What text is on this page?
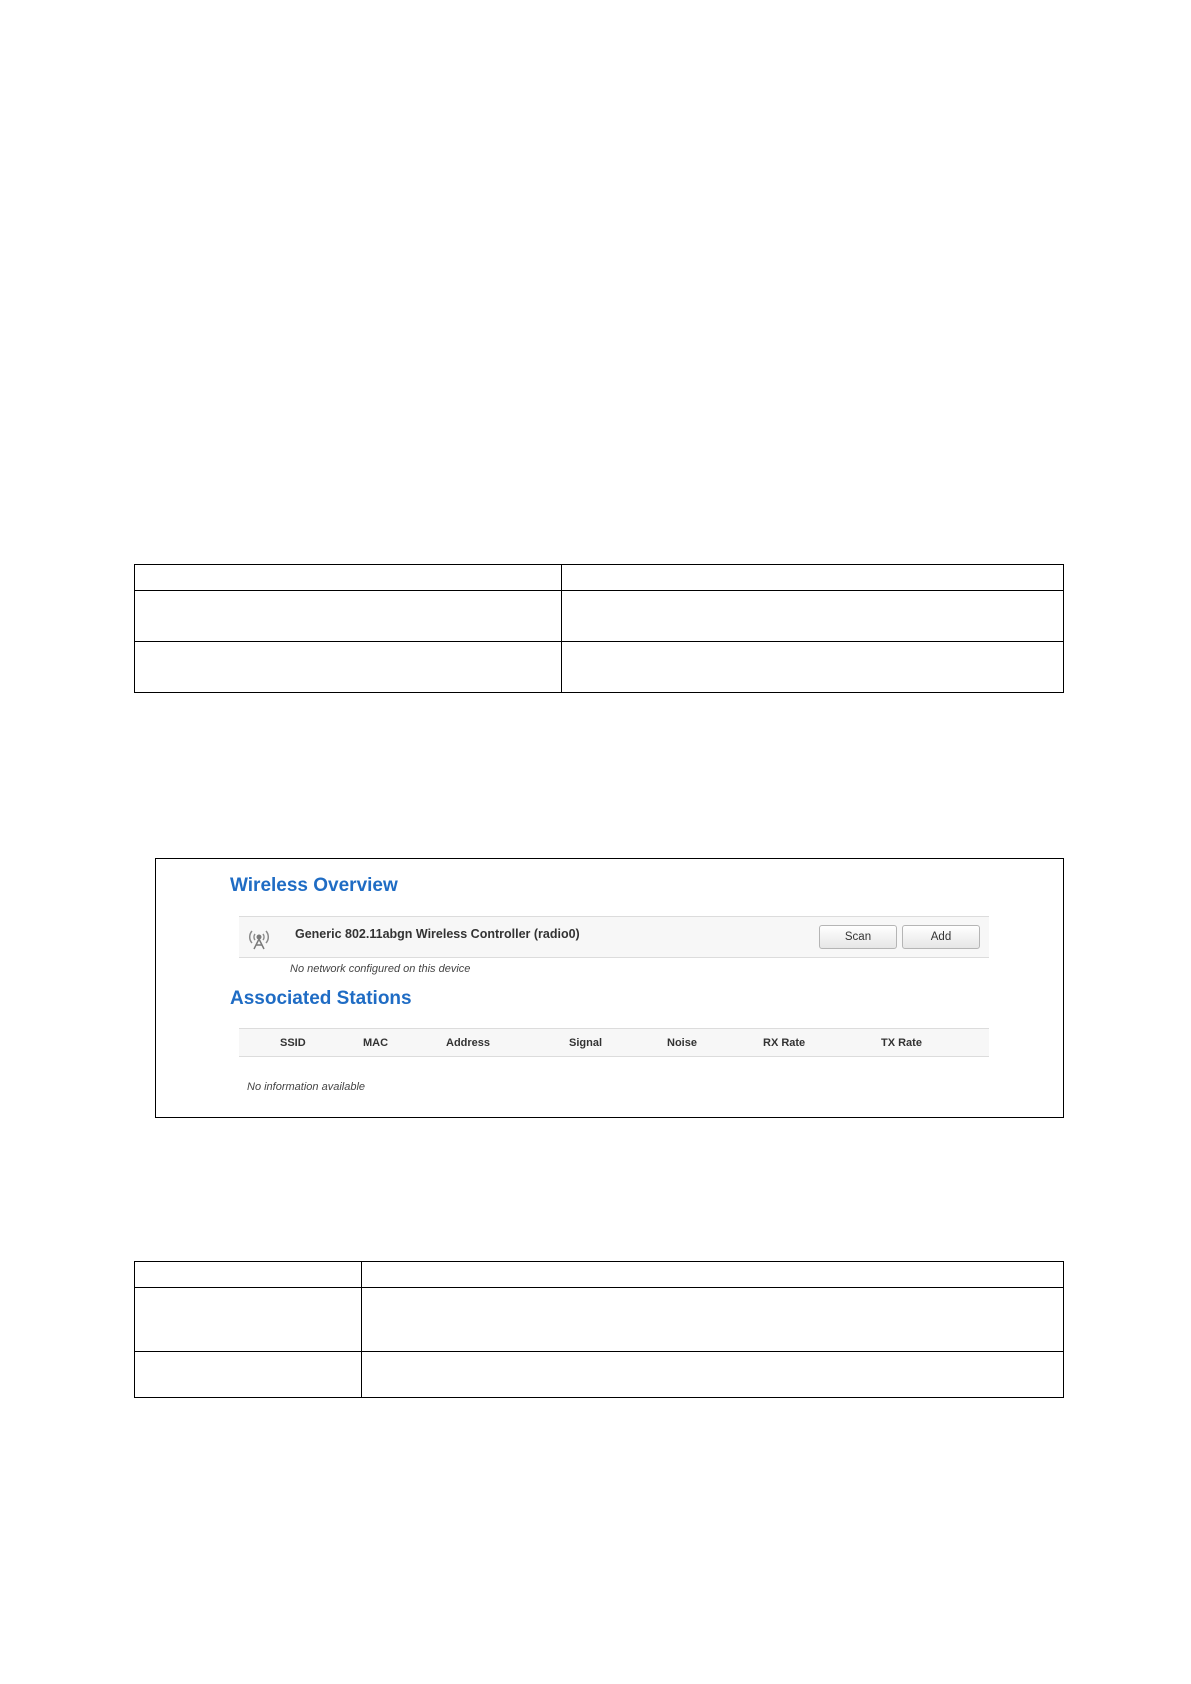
Wireless Overview
Generic 802.11abgn Wireless Controller (radio0)	Scan	Add
No network configured on this device
Associated Stations
SSID	MAC	Address	Signal	Noise	RX Rate	TX Rate
No information available
